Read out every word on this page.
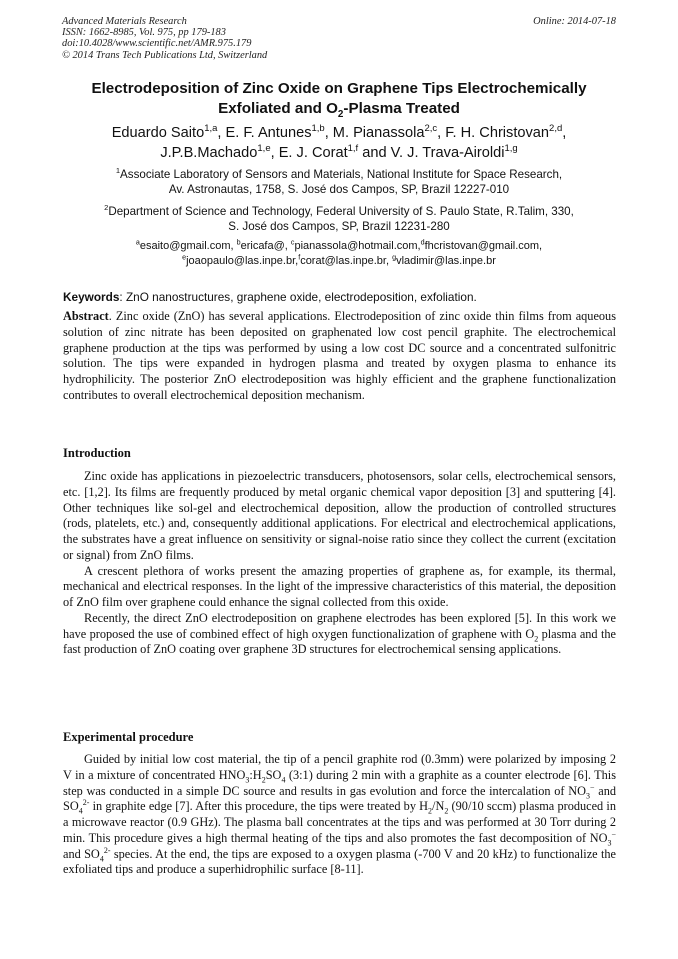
Advanced Materials Research
ISSN: 1662-8985, Vol. 975, pp 179-183
doi:10.4028/www.scientific.net/AMR.975.179
© 2014 Trans Tech Publications Ltd, Switzerland
Online: 2014-07-18
Electrodeposition of Zinc Oxide on Graphene Tips Electrochemically
Exfoliated and $O_2$-Plasma Treated
Eduardo Saito$^{1,a}$, E. F. Antunes$^{1,b}$, M. Pianassola$^{2,c}$, F. H. Christovan$^{2,d}$,
J.P.B.Machado$^{1,e}$, E. J. Corat$^{1,f}$ and V. J. Trava-Airoldi$^{1,g}$
$^1$Associate Laboratory of Sensors and Materials, National Institute for Space Research,
Av. Astronautas, 1758, S. José dos Campos, SP, Brazil 12227-010
$^2$Department of Science and Technology, Federal University of S. Paulo State, R.Talim, 330,
S. José dos Campos, SP, Brazil 12231-280
$^a$esaito@gmail.com, $^b$ericafa@, $^c$pianassola@hotmail.com,$^d$fhcristovan@gmail.com,
$^e$joaopaulo@las.inpe.br,$^f$corat@las.inpe.br, $^g$vladimir@las.inpe.br
Keywords: ZnO nanostructures, graphene oxide, electrodeposition, exfoliation.

Abstract. Zinc oxide (ZnO) has several applications. Electrodeposition of zinc oxide thin films from aqueous solution of zinc nitrate has been deposited on graphenated low cost pencil graphite. The electrochemical graphene production at the tips was performed by using a low cost DC source and a concentrated sulfonitric solution. The tips were expanded in hydrogen plasma and treated by oxygen plasma to enhance its hydrophilicity. The posterior ZnO electrodeposition was highly efficient and the graphene functionalization contributes to overall electrochemical deposition mechanism.

Introduction

Zinc oxide has applications in piezoelectric transducers, photosensors, solar cells, electrochemical sensors, etc. [1,2]. Its films are frequently produced by metal organic chemical vapor deposition [3] and sputtering [4]. Other techniques like sol-gel and electrochemical deposition, allow the production of controlled structures (rods, platelets, etc.) and, consequently additional applications. For electrical and electrochemical applications, the substrates have a great influence on sensitivity or signal-noise ratio since they collect the current (excitation or signal) from ZnO films.

A crescent plethora of works present the amazing properties of graphene as, for example, its thermal, mechanical and electrical responses. In the light of the impressive characteristics of this material, the deposition of ZnO film over graphene could enhance the signal collected from this oxide.

Recently, the direct ZnO electrodeposition on graphene electrodes has been explored [5]. In this work we have proposed the use of combined effect of high oxygen functionalization of graphene with $O_2$ plasma and the fast production of ZnO coating over graphene 3D structures for electrochemical sensing applications.

Experimental procedure

Guided by initial low cost material, the tip of a pencil graphite rod (0.3mm) were polarized by imposing 2 V in a mixture of concentrated $HNO_3:H_2SO_4$ (3:1) during 2 min with a graphite as a counter electrode [6]. This step was conducted in a simple DC source and results in gas evolution and force the intercalation of $NO_3^-$ and $SO_4^{2-}$ in graphite edge [7]. After this procedure, the tips were treated by $H_2/N_2$ (90/10 sccm) plasma produced in a microwave reactor (0.9 GHz). The plasma ball concentrates at the tips and was performed at 30 Torr during 2 min. This procedure gives a high thermal heating of the tips and also promotes the fast decomposition of $NO_3^-$ and $SO_4^{2-}$ species. At the end, the tips are exposed to a oxygen plasma (-700 V and 20 kHz) to functionalize the exfoliated tips and produce a superhidrophilic surface [8-11].
